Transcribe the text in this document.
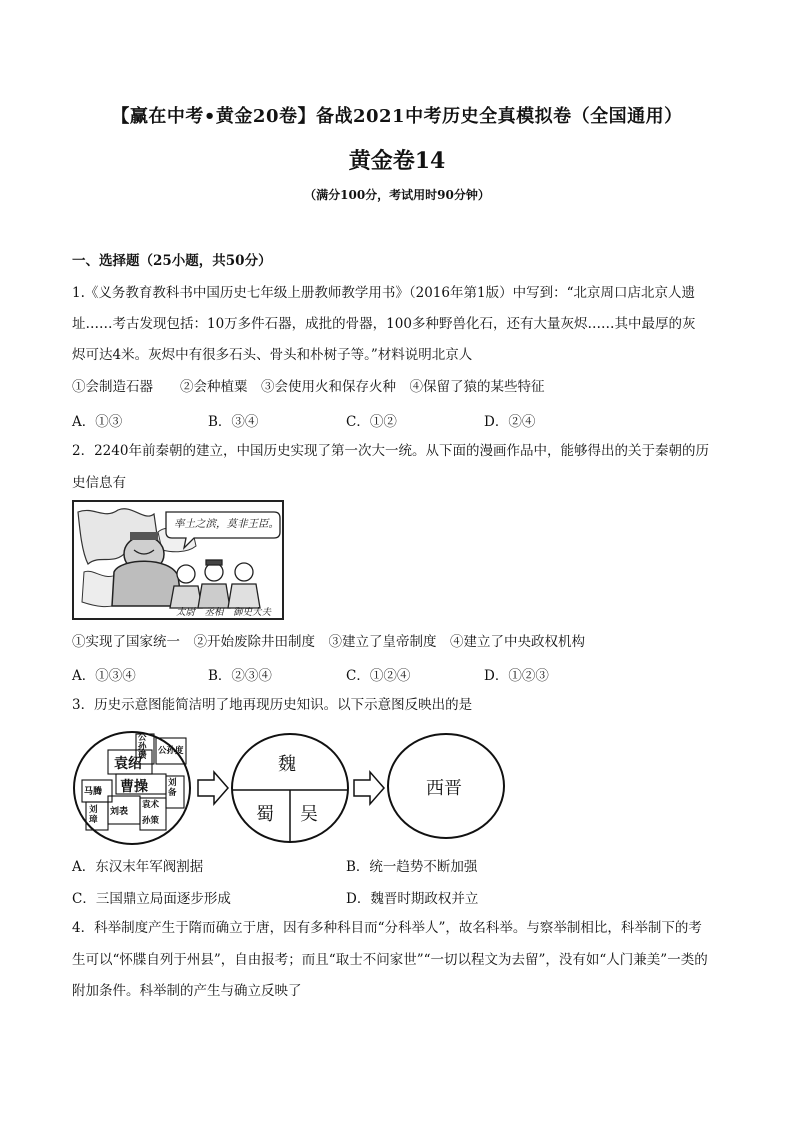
【赢在中考•黄金20卷】备战2021中考历史全真模拟卷（全国通用）
黄金卷14
（满分100分，考试用时90分钟）
一、选择题（25小题，共50分）
1.《义务教育教科书中国历史七年级上册教师教学用书》（2016年第1版）中写到：“北京周口店北京人遗
址……考古发现包括：10万多件石器，成批的骨器，100多种野兽化石，还有大量灰烬……其中最厚的灰
烬可达4米。灰烬中有很多石头、骨头和朴树子等。”材料说明北京人
①会制造石器　　②会种植粟　③会使用火和保存火种　④保留了猿的某些特征
A．①③	B．③④	C．①②	D．②④
2．2240年前秦朝的建立，中国历史实现了第一次大一统。从下面的漫画作品中，能够得出的关于秦朝的历
史信息有
率土之滨，莫非王臣。
太尉　丞相　御史大夫
①实现了国家统一　②开始废除井田制度　③建立了皇帝制度　④建立了中央政权机构
A．①③④	B．②③④	C．①②④	D．①②③
3．历史示意图能简洁明了地再现历史知识。以下示意图反映出的是
袁绍
曹操
公孙瓒	公孙度
马腾
刘表
刘备
袁术
孙策
刘璋
魏
蜀 吴
西晋
A．东汉末年军阀割据	B．统一趋势不断加强
C．三国鼎立局面逐步形成	D．魏晋时期政权并立
4．科举制度产生于隋而确立于唐，因有多种科目而“分科举人”，故名科举。与察举制相比，科举制下的考
生可以“怀牒自列于州县”，自由报考；而且“取士不问家世”“一切以程文为去留”，没有如“人门兼美”一类的
附加条件。科举制的产生与确立反映了
